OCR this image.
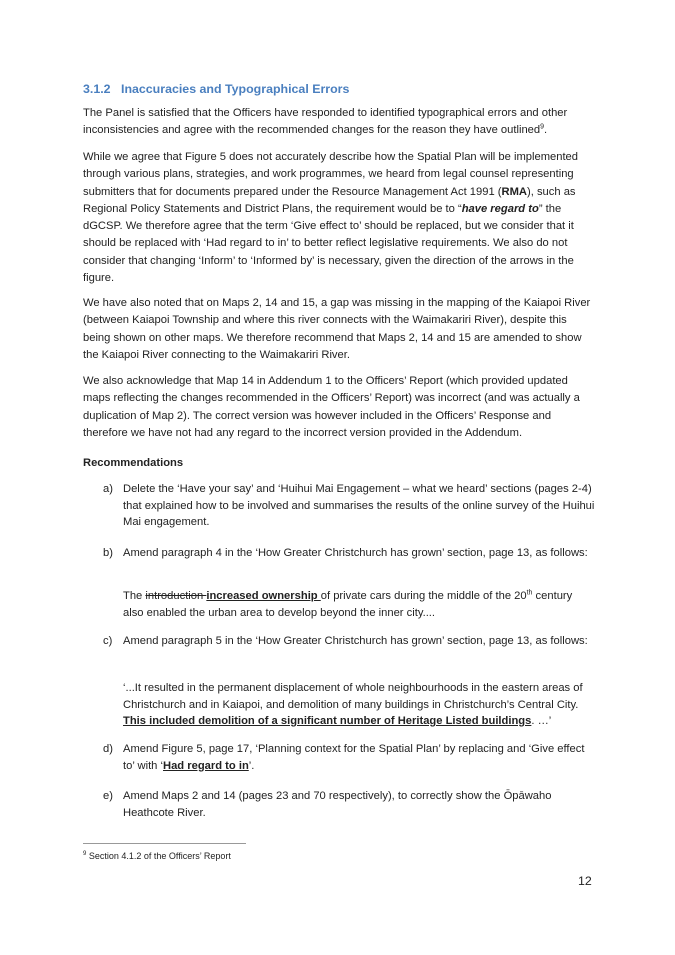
3.1.2 Inaccuracies and Typographical Errors

The Panel is satisfied that the Officers have responded to identified typographical errors and other inconsistencies and agree with the recommended changes for the reason they have outlined$^9$.

While we agree that Figure 5 does not accurately describe how the Spatial Plan will be implemented through various plans, strategies, and work programmes, we heard from legal counsel representing submitters that for documents prepared under the Resource Management Act 1991 (RMA), such as Regional Policy Statements and District Plans, the requirement would be to “have regard to” the dGCSP. We therefore agree that the term ‘Give effect to’ should be replaced, but we consider that it should be replaced with ‘Had regard to in’ to better reflect legislative requirements. We also do not consider that changing ‘Inform’ to ‘Informed by’ is necessary, given the direction of the arrows in the figure.

We have also noted that on Maps 2, 14 and 15, a gap was missing in the mapping of the Kaiapoi River (between Kaiapoi Township and where this river connects with the Waimakariri River), despite this being shown on other maps. We therefore recommend that Maps 2, 14 and 15 are amended to show the Kaiapoi River connecting to the Waimakariri River.

We also acknowledge that Map 14 in Addendum 1 to the Officers’ Report (which provided updated maps reflecting the changes recommended in the Officers’ Report) was incorrect (and was actually a duplication of Map 2). The correct version was however included in the Officers’ Response and therefore we have not had any regard to the incorrect version provided in the Addendum.

Recommendations
a) Delete the ‘Have your say’ and ‘Huihui Mai Engagement – what we heard’ sections (pages 2-4) that explained how to be involved and summarises the results of the online survey of the Huihui Mai engagement.
b) Amend paragraph 4 in the ‘How Greater Christchurch has grown’ section, page 13, as follows:
The introduction increased ownership of private cars during the middle of the 20th century also enabled the urban area to develop beyond the inner city....
c) Amend paragraph 5 in the ‘How Greater Christchurch has grown’ section, page 13, as follows:
‘...It resulted in the permanent displacement of whole neighbourhoods in the eastern areas of Christchurch and in Kaiapoi, and demolition of many buildings in Christchurch’s Central City. This included demolition of a significant number of Heritage Listed buildings. …’
d) Amend Figure 5, page 17, ‘Planning context for the Spatial Plan’ by replacing and ‘Give effect to’ with ‘Had regard to in’.
e) Amend Maps 2 and 14 (pages 23 and 70 respectively), to correctly show the Ōpāwaho Heathcote River.
$^9$ Section 4.1.2 of the Officers’ Report
12
